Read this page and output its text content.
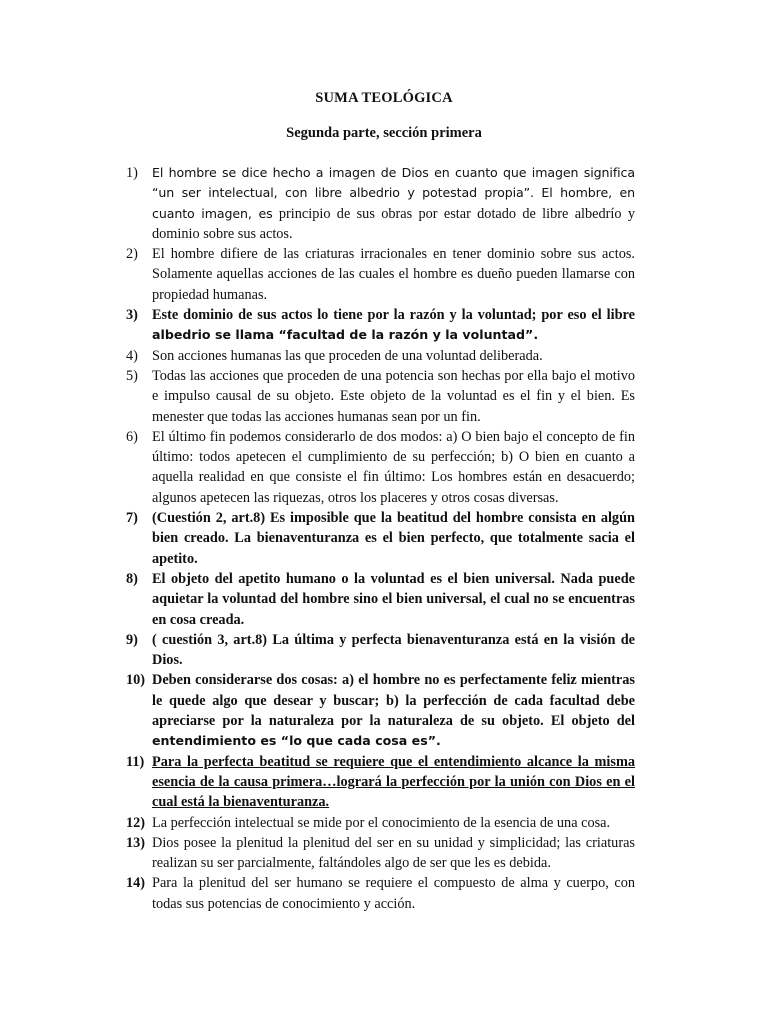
SUMA TEOLÓGICA
Segunda parte, sección primera
1) El hombre se dice hecho a imagen de Dios en cuanto que imagen significa “un ser intelectual, con libre albedrio y potestad propia”. El hombre, en cuanto imagen, es principio de sus obras por estar dotado de libre albedrío y dominio sobre sus actos.
2) El hombre difiere de las criaturas irracionales en tener dominio sobre sus actos. Solamente aquellas acciones de las cuales el hombre es dueño pueden llamarse con propiedad humanas.
3) Este dominio de sus actos lo tiene por la razón y la voluntad; por eso el libre albedrio se llama “facultad de la razón y la voluntad”.
4) Son acciones humanas las que proceden de una voluntad deliberada.
5) Todas las acciones que proceden de una potencia son hechas por ella bajo el motivo e impulso causal de su objeto. Este objeto de la voluntad es el fin y el bien. Es menester que todas las acciones humanas sean por un fin.
6) El último fin podemos considerarlo de dos modos: a) O bien bajo el concepto de fin último: todos apetecen el cumplimiento de su perfección; b) O bien en cuanto a aquella realidad en que consiste el fin último: Los hombres están en desacuerdo; algunos apetecen las riquezas, otros los placeres y otros cosas diversas.
7) (Cuestión 2, art.8) Es imposible que la beatitud del hombre consista en algún bien creado. La bienaventuranza es el bien perfecto, que totalmente sacia el apetito.
8) El objeto del apetito humano o la voluntad es el bien universal. Nada puede aquietar la voluntad del hombre sino el bien universal, el cual no se encuentras en cosa creada.
9) ( cuestión 3, art.8) La última y perfecta bienaventuranza está en la visión de Dios.
10) Deben considerarse dos cosas: a) el hombre no es perfectamente feliz mientras le quede algo que desear y buscar; b) la perfección de cada facultad debe apreciarse por la naturaleza por la naturaleza de su objeto. El objeto del entendimiento es “lo que cada cosa es”.
11) Para la perfecta beatitud se requiere que el entendimiento alcance la misma esencia de la causa primera…logrará la perfección por la unión con Dios en el cual está la bienaventuranza.
12) La perfección intelectual se mide por el conocimiento de la esencia de una cosa.
13) Dios posee la plenitud la plenitud del ser en su unidad y simplicidad; las criaturas realizan su ser parcialmente, faltándoles algo de ser que les es debida.
14) Para la plenitud del ser humano se requiere el compuesto de alma y cuerpo, con todas sus potencias de conocimiento y acción.
